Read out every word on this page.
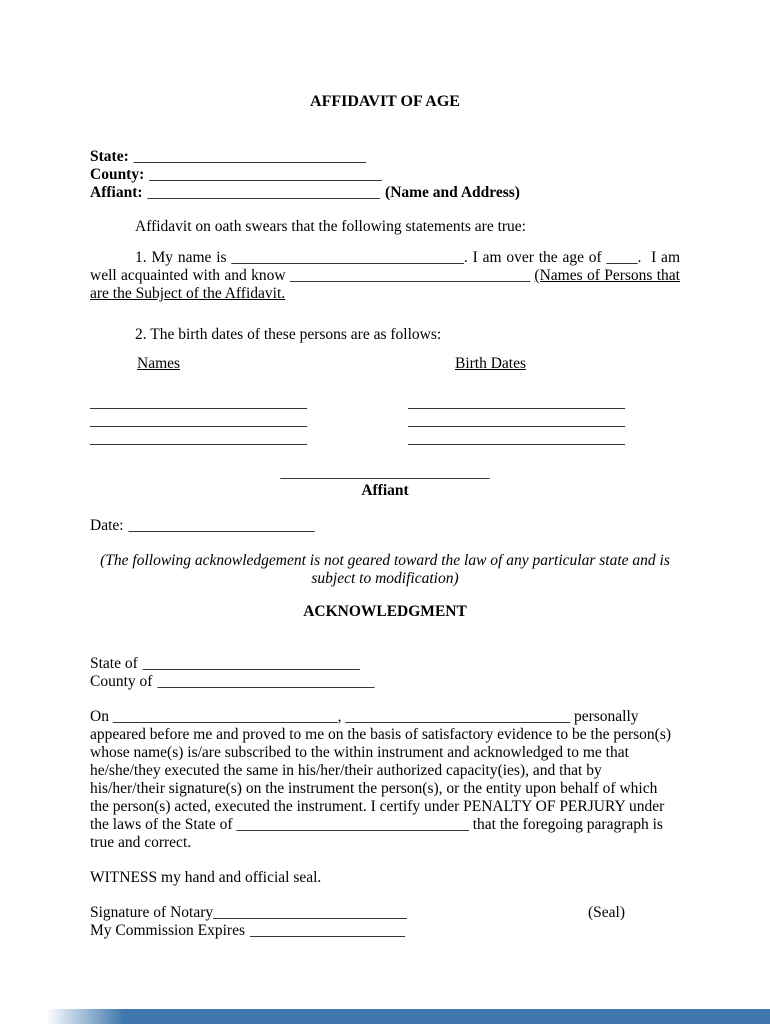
AFFIDAVIT OF AGE
State: ______________________________
County: ______________________________
Affiant: ______________________________ (Name and Address)

Affidavit on oath swears that the following statements are true:

1. My name is ______________________________. I am over the age of ____.  I am well acquainted with and know _______________________________ (Names of Persons that are the Subject of the Affidavit.

2. The birth dates of these persons are as follows:

Names	Birth Dates
____________________________	____________________________
____________________________	____________________________
____________________________	____________________________
___________________________
Affiant
Date: ________________________

(The following acknowledgement is not geared toward the law of any particular state and is subject to modification)

ACKNOWLEDGMENT
State of ____________________________
County of ____________________________

On _____________________________, _____________________________ personally appeared before me and proved to me on the basis of satisfactory evidence to be the person(s) whose name(s) is/are subscribed to the within instrument and acknowledged to me that he/she/they executed the same in his/her/their authorized capacity(ies), and that by his/her/their signature(s) on the instrument the person(s), or the entity upon behalf of which the person(s) acted, executed the instrument. I certify under PENALTY OF PERJURY under the laws of the State of ______________________________ that the foregoing paragraph is true and correct.

WITNESS my hand and official seal.

Signature of Notary_________________________	(Seal)
My Commission Expires ____________________
